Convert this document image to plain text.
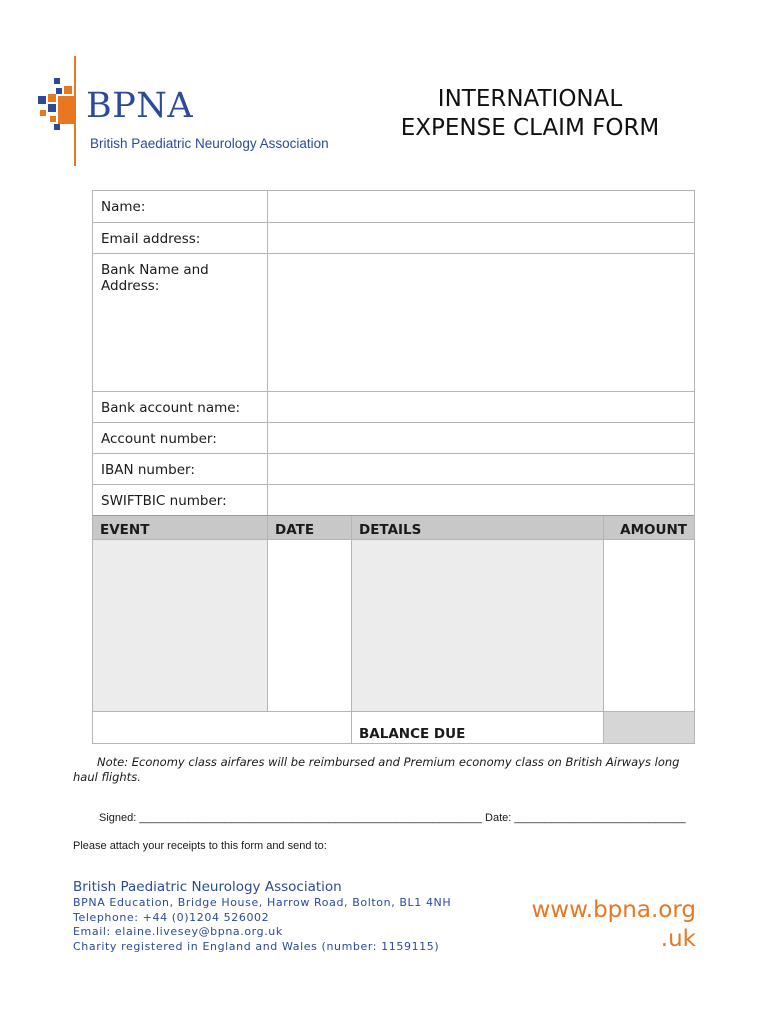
BPNA
British Paediatric Neurology Association
INTERNATIONAL
EXPENSE CLAIM FORM
Name:
Email address:
Bank Name and
Address:
Bank account name:
Account number:
IBAN number:
SWIFTBIC number:
EVENT	DATE	DETAILS	AMOUNT
BALANCE DUE
Note: Economy class airfares will be reimbursed and Premium economy class on British Airways long haul flights.
Signed: ________________________________________________________ Date: ____________________________
Please attach your receipts to this form and send to:
British Paediatric Neurology Association
BPNA Education, Bridge House, Harrow Road, Bolton, BL1 4NH
Telephone: +44 (0)1204 526002
Email: elaine.livesey@bpna.org.uk
Charity registered in England and Wales (number: 1159115)
www.bpna.org
.uk
